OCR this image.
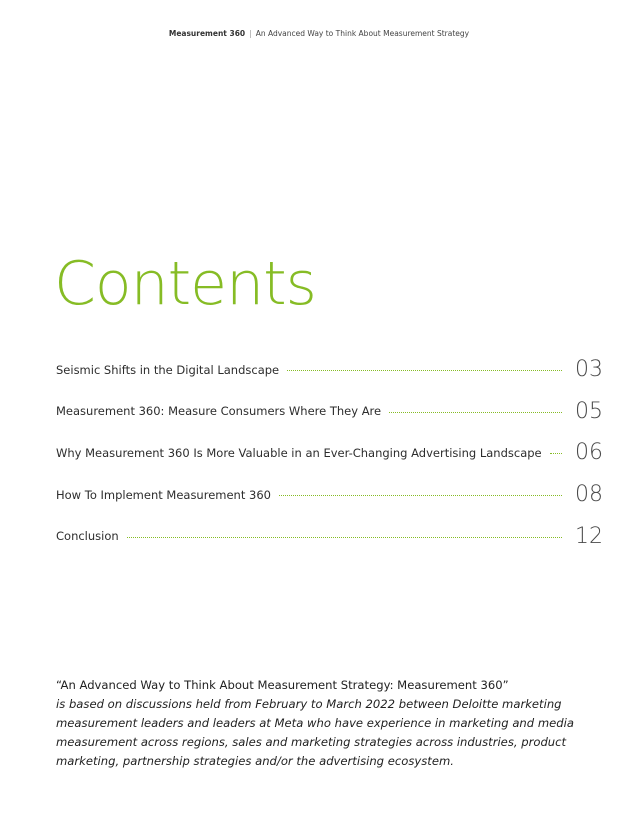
Measurement 360 | An Advanced Way to Think About Measurement Strategy
Contents
Seismic Shifts in the Digital Landscape	03
Measurement 360: Measure Consumers Where They Are	05
Why Measurement 360 Is More Valuable in an Ever-Changing Advertising Landscape 06
How To Implement Measurement 360	08
Conclusion	12
“An Advanced Way to Think About Measurement Strategy: Measurement 360”
is based on discussions held from February to March 2022 between Deloitte marketing measurement leaders and leaders at Meta who have experience in marketing and media measurement across regions, sales and marketing strategies across industries, product marketing, partnership strategies and/or the advertising ecosystem.
